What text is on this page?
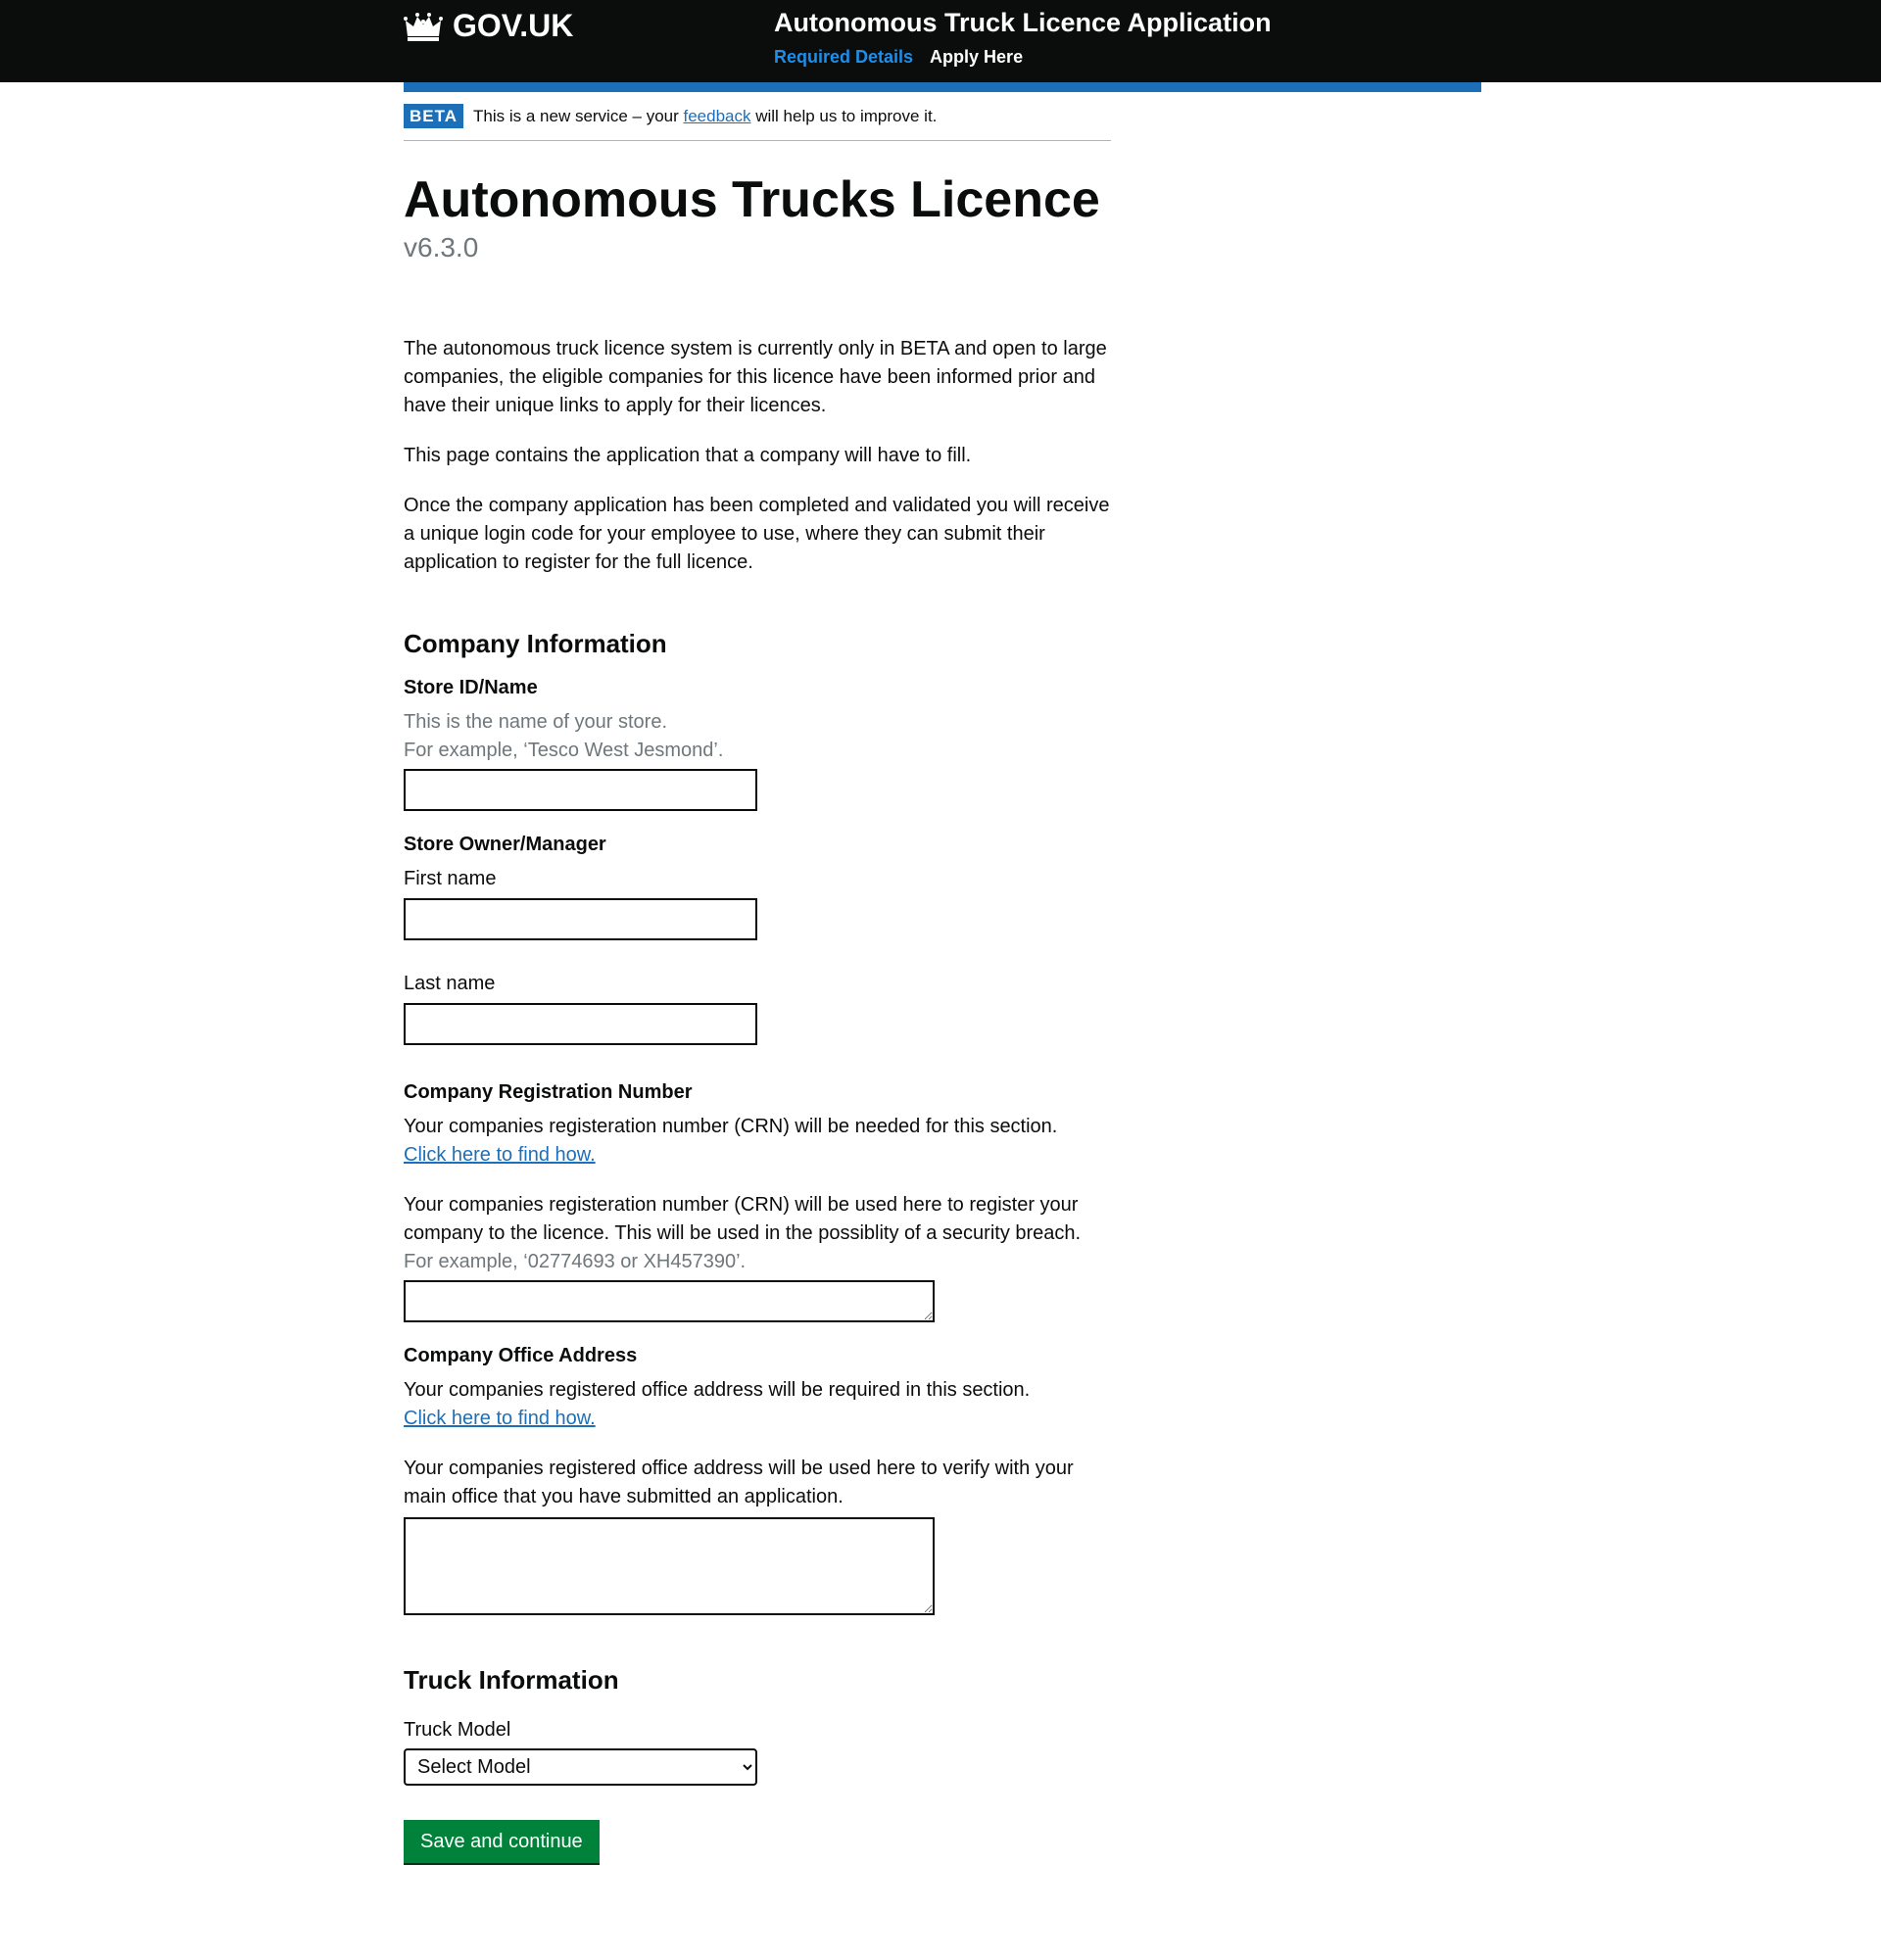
GOV.UK	Autonomous Truck Licence Application
Required Details Apply Here
BETA This is a new service – your feedback will help us to improve it.
Autonomous Trucks Licence
v6.3.0

The autonomous truck licence system is currently only in BETA and open to large companies, the eligible companies for this licence have been informed prior and have their unique links to apply for their licences.

This page contains the application that a company will have to fill.

Once the company application has been completed and validated you will receive a unique login code for your employee to use, where they can submit their application to register for the full licence.

Company Information
Store ID/Name
This is the name of your store.
For example, ‘Tesco West Jesmond’.
Store Owner/Manager
First name
Last name
Company Registration Number

Your companies registeration number (CRN) will be needed for this section.

Click here to find how.

Your companies registeration number (CRN) will be used here to register your company to the licence. This will be used in the possiblity of a security breach.

For example, ‘02774693 or XH457390’.
Company Office Address

Your companies registered office address will be required in this section.

Click here to find how.

Your companies registered office address will be used here to verify with your main office that you have submitted an application.

Truck Information
Truck Model
Select Model Save and continue
